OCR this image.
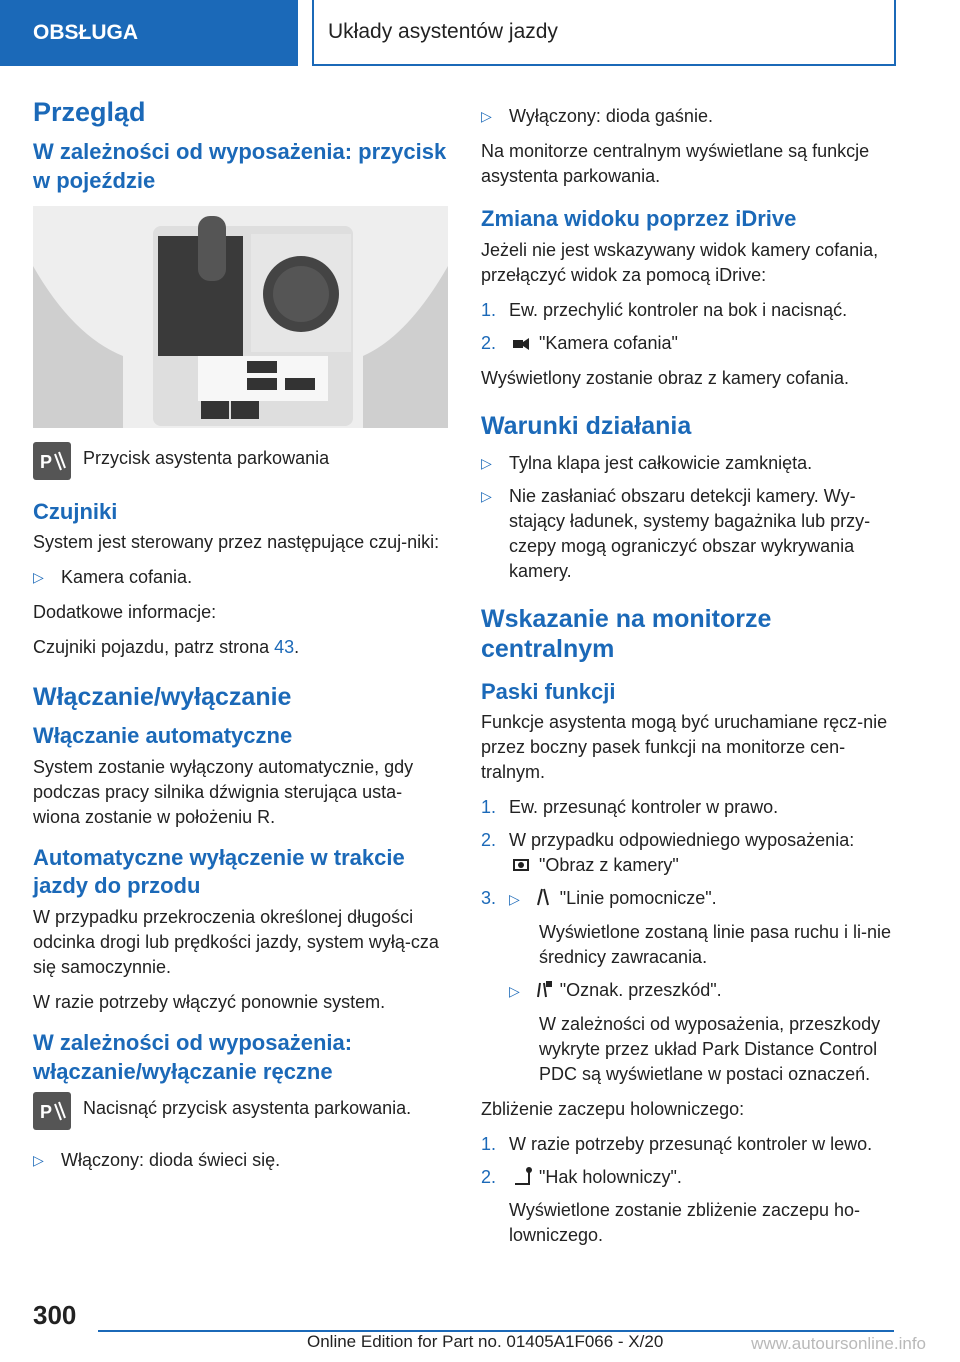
OBSŁUGA	Układy asystentów jazdy
Przegląd
W zależności od wyposażenia: przycisk w pojeździe
P Przycisk asystenta parkowania

Czujniki

System jest sterowany przez następujące czuj-niki:

▷ Kamera cofania.

Dodatkowe informacje:

Czujniki pojazdu, patrz strona 43.

Włączanie/wyłączanie
Włączanie automatyczne

System zostanie wyłączony automatycznie, gdy podczas pracy silnika dźwignia sterująca usta-wiona zostanie w położeniu R.

Automatyczne wyłączenie w trakcie jazdy do przodu

W przypadku przekroczenia określonej długości odcinka drogi lub prędkości jazdy, system wyłą-cza się samoczynnie.

W razie potrzeby włączyć ponownie system.

W zależności od wyposażenia: włączanie/wyłączanie ręczne
P Nacisnąć przycisk asystenta parkowania.

▷ Włączony: dioda świeci się.
▷ Wyłączony: dioda gaśnie.

Na monitorze centralnym wyświetlane są funkcje asystenta parkowania.

Zmiana widoku poprzez iDrive

Jeżeli nie jest wskazywany widok kamery cofania, przełączyć widok za pomocą iDrive:

1. Ew. przechylić kontroler na bok i nacisnąć.
2. "Kamera cofania"

Wyświetlony zostanie obraz z kamery cofania.

Warunki działania
▷ Tylna klapa jest całkowicie zamknięta.
▷ Nie zasłaniać obszaru detekcji kamery. Wy-stający ładunek, systemy bagażnika lub przy-czepy mogą ograniczyć obszar wykrywania kamery.
Wskazanie na monitorze centralnym
Paski funkcji

Funkcje asystenta mogą być uruchamiane ręcz-nie przez boczny pasek funkcji na monitorze cen-tralnym.

1. Ew. przesunąć kontroler w prawo.
2. W przypadku odpowiedniego wyposażenia:
"Obraz z kamery"
3. ▷ "Linie pomocnicze".
Wyświetlone zostaną linie pasa ruchu i li-nie średnicy zawracania.
▷ "Oznak. przeszkód".
W zależności od wyposażenia, przeszkody wykryte przez układ Park Distance Control PDC są wyświetlane w postaci oznaczeń.

Zbliżenie zaczepu holowniczego:

1. W razie potrzeby przesunąć kontroler w lewo.
2. "Hak holowniczy".
Wyświetlone zostanie zbliżenie zaczepu ho-lowniczego.
300
Online Edition for Part no. 01405A1F066 - X/20	www.autoursonline.info
